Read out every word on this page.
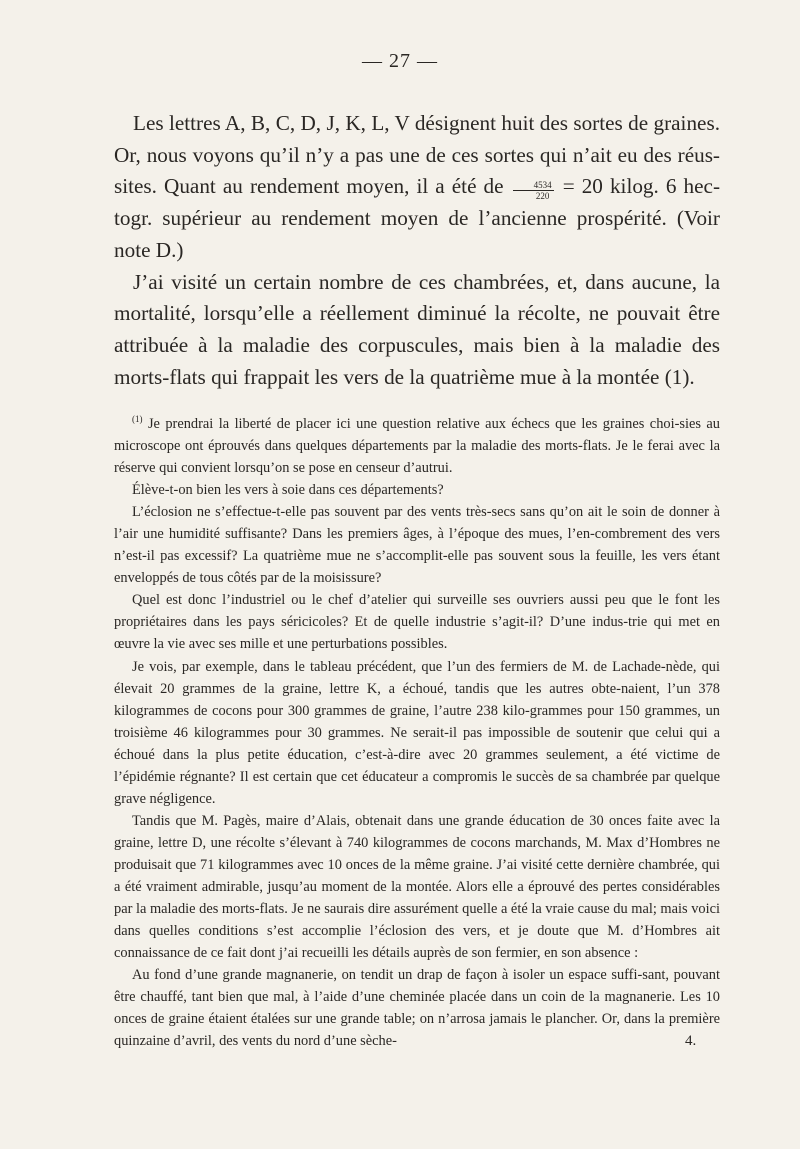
— 27 —

Les lettres A, B, C, D, J, K, L, V désignent huit des sortes de graines. Or, nous voyons qu’il n’y a pas une de ces sortes qui n’ait eu des réus-sites. Quant au rendement moyen, il a été de $\frac{4534}{220} = 20$ kilog. 6 hec-togr. supérieur au rendement moyen de l’ancienne prospérité. (Voir note D.)

J’ai visité un certain nombre de ces chambrées, et, dans aucune, la mortalité, lorsqu’elle a réellement diminué la récolte, ne pouvait être attribuée à la maladie des corpuscules, mais bien à la maladie des morts-flats qui frappait les vers de la quatrième mue à la montée (1).

$^{(1)}$ Je prendrai la liberté de placer ici une question relative aux échecs que les graines choi-sies au microscope ont éprouvés dans quelques départements par la maladie des morts-flats. Je le ferai avec la réserve qui convient lorsqu’on se pose en censeur d’autrui.

Élève-t-on bien les vers à soie dans ces départements?

L’éclosion ne s’effectue-t-elle pas souvent par des vents très-secs sans qu’on ait le soin de donner à l’air une humidité suffisante? Dans les premiers âges, à l’époque des mues, l’en-combrement des vers n’est-il pas excessif? La quatrième mue ne s’accomplit-elle pas souvent sous la feuille, les vers étant enveloppés de tous côtés par de la moisissure?

Quel est donc l’industriel ou le chef d’atelier qui surveille ses ouvriers aussi peu que le font les propriétaires dans les pays séricicoles? Et de quelle industrie s’agit-il? D’une indus-trie qui met en œuvre la vie avec ses mille et une perturbations possibles.

Je vois, par exemple, dans le tableau précédent, que l’un des fermiers de M. de Lachade-nède, qui élevait 20 grammes de la graine, lettre K, a échoué, tandis que les autres obte-naient, l’un 378 kilogrammes de cocons pour 300 grammes de graine, l’autre 238 kilo-grammes pour 150 grammes, un troisième 46 kilogrammes pour 30 grammes. Ne serait-il pas impossible de soutenir que celui qui a échoué dans la plus petite éducation, c’est-à-dire avec 20 grammes seulement, a été victime de l’épidémie régnante? Il est certain que cet éducateur a compromis le succès de sa chambrée par quelque grave négligence.

Tandis que M. Pagès, maire d’Alais, obtenait dans une grande éducation de 30 onces faite avec la graine, lettre D, une récolte s’élevant à 740 kilogrammes de cocons marchands, M. Max d’Hombres ne produisait que 71 kilogrammes avec 10 onces de la même graine. J’ai visité cette dernière chambrée, qui a été vraiment admirable, jusqu’au moment de la montée. Alors elle a éprouvé des pertes considérables par la maladie des morts-flats. Je ne saurais dire assurément quelle a été la vraie cause du mal; mais voici dans quelles conditions s’est accomplie l’éclosion des vers, et je doute que M. d’Hombres ait connaissance de ce fait dont j’ai recueilli les détails auprès de son fermier, en son absence :

Au fond d’une grande magnanerie, on tendit un drap de façon à isoler un espace suffi-sant, pouvant être chauffé, tant bien que mal, à l’aide d’une cheminée placée dans un coin de la magnanerie. Les 10 onces de graine étaient étalées sur une grande table; on n’arrosa jamais le plancher. Or, dans la première quinzaine d’avril, des vents du nord d’une sèche-	4.
